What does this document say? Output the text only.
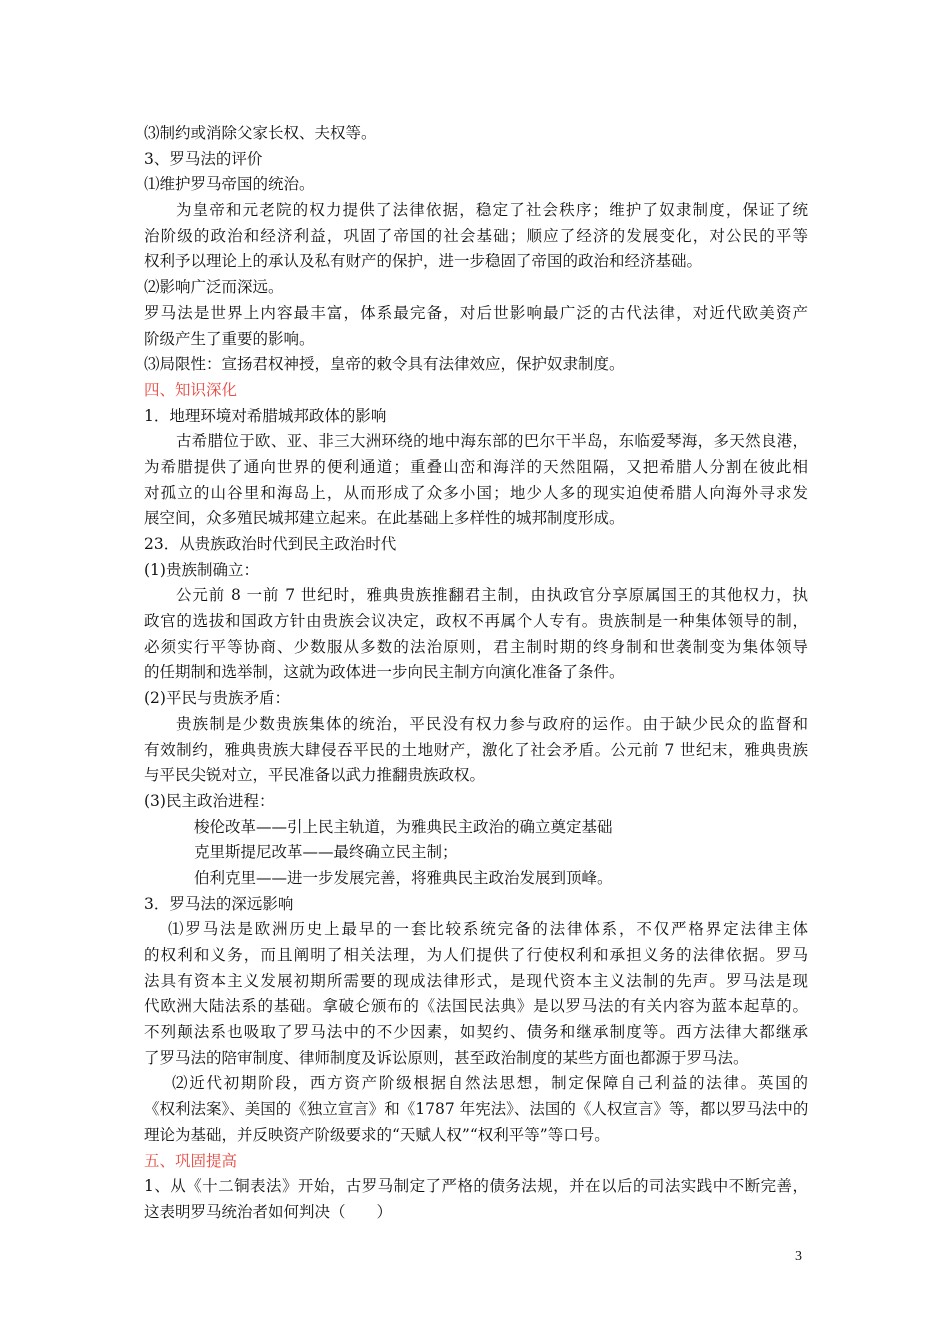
⑶制约或消除父家长权、夫权等。
3、罗马法的评价
⑴维护罗马帝国的统治。
为皇帝和元老院的权力提供了法律依据，稳定了社会秩序；维护了奴隶制度，保证了统
治阶级的政治和经济利益，巩固了帝国的社会基础；顺应了经济的发展变化，对公民的平等
权利予以理论上的承认及私有财产的保护，进一步稳固了帝国的政治和经济基础。
⑵影响广泛而深远。
罗马法是世界上内容最丰富，体系最完备，对后世影响最广泛的古代法律，对近代欧美资产
阶级产生了重要的影响。
⑶局限性：宣扬君权神授，皇帝的敕令具有法律效应，保护奴隶制度。
四、知识深化
1．地理环境对希腊城邦政体的影响
古希腊位于欧、亚、非三大洲环绕的地中海东部的巴尔干半岛，东临爱琴海，多天然良港，
为希腊提供了通向世界的便利通道；重叠山峦和海洋的天然阻隔，又把希腊人分割在彼此相
对孤立的山谷里和海岛上，从而形成了众多小国；地少人多的现实迫使希腊人向海外寻求发
展空间，众多殖民城邦建立起来。在此基础上多样性的城邦制度形成。
23．从贵族政治时代到民主政治时代
(1)贵族制确立：
公元前 8 一前 7 世纪时，雅典贵族推翻君主制，由执政官分享原属国王的其他权力，执
政官的选拔和国政方针由贵族会议决定，政权不再属个人专有。贵族制是一种集体领导的制，
必须实行平等协商、少数服从多数的法治原则，君主制时期的终身制和世袭制变为集体领导
的任期制和选举制，这就为政体进一步向民主制方向演化准备了条件。
(2)平民与贵族矛盾：
贵族制是少数贵族集体的统治，平民没有权力参与政府的运作。由于缺少民众的监督和
有效制约，雅典贵族大肆侵吞平民的土地财产，激化了社会矛盾。公元前 7 世纪末，雅典贵族
与平民尖锐对立，平民准备以武力推翻贵族政权。
(3)民主政治进程：
梭伦改革——引上民主轨道，为雅典民主政治的确立奠定基础
克里斯提尼改革——最终确立民主制；
伯利克里——进一步发展完善，将雅典民主政治发展到顶峰。
3．罗马法的深远影响
⑴罗马法是欧洲历史上最早的一套比较系统完备的法律体系，不仅严格界定法律主体
的权利和义务，而且阐明了相关法理，为人们提供了行使权利和承担义务的法律依据。罗马
法具有资本主义发展初期所需要的现成法律形式，是现代资本主义法制的先声。罗马法是现
代欧洲大陆法系的基础。拿破仑颁布的《法国民法典》是以罗马法的有关内容为蓝本起草的。
不列颠法系也吸取了罗马法中的不少因素，如契约、债务和继承制度等。西方法律大都继承
了罗马法的陪审制度、律师制度及诉讼原则，甚至政治制度的某些方面也都源于罗马法。
⑵近代初期阶段，西方资产阶级根据自然法思想，制定保障自己利益的法律。英国的
《权利法案》、美国的《独立宣言》和《1787 年宪法》、法国的《人权宣言》等，都以罗马法中的
理论为基础，并反映资产阶级要求的“天赋人权”“权利平等”等口号。
五、巩固提高
1、从《十二铜表法》开始，古罗马制定了严格的债务法规，并在以后的司法实践中不断完善，
这表明罗马统治者如何判决（　　）
3
